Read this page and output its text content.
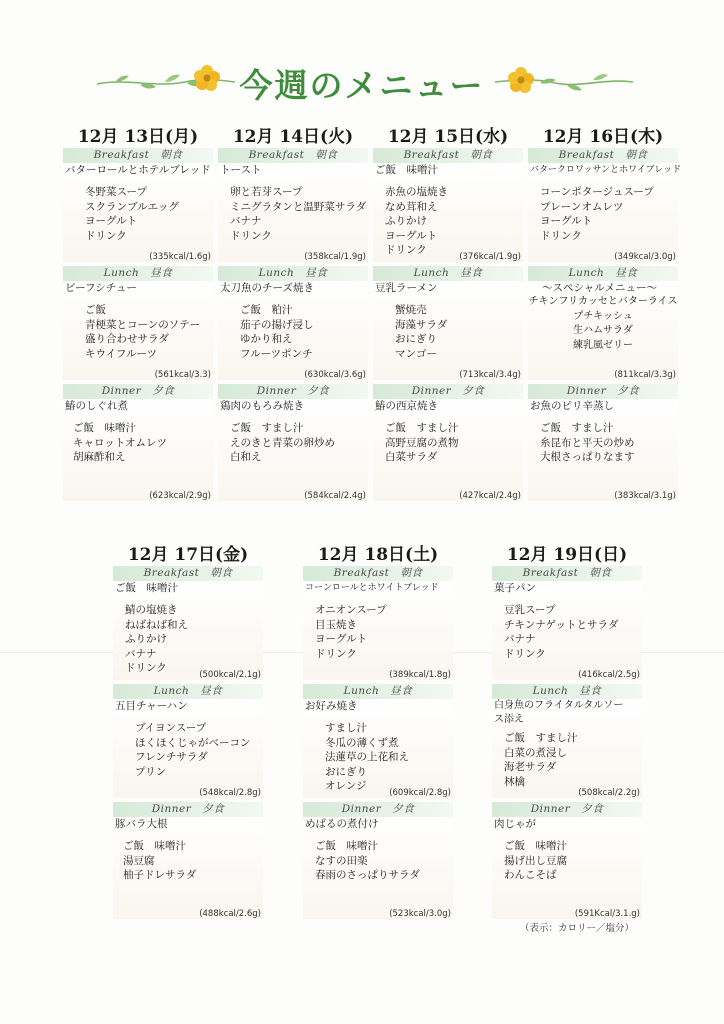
今週のメニュー
12月 13日(月)
Breakfast　朝食
バターロールとホテルブレッド
冬野菜スープ
スクランブルエッグ
ヨーグルト
ドリンク
(335kcal/1.6g)
Lunch　昼食
ビーフシチュー
ご飯
青梗菜とコーンのソテー
盛り合わせサラダ
キウイフルーツ
(561kcal/3.3)
Dinner　夕食
鰆のしぐれ煮
ご飯　味噌汁
キャロットオムレツ
胡麻酢和え
(623kcal/2.9g)
12月 14日(火)
Breakfast　朝食
トースト
卵と若芽スープ
ミニグラタンと温野菜サラダ
バナナ
ドリンク
(358kcal/1.9g)
Lunch　昼食
太刀魚のチーズ焼き
ご飯　粕汁
茄子の揚げ浸し
ゆかり和え
フルーツポンチ
(630kcal/3.6g)
Dinner　夕食
鶏肉のもろみ焼き
ご飯　すまし汁
えのきと青菜の卵炒め
白和え
(584kcal/2.4g)
12月 15日(水)
Breakfast　朝食
ご飯　味噌汁
赤魚の塩焼き
なめ茸和え
ふりかけ
ヨーグルト
ドリンク
(376kcal/1.9g)
Lunch　昼食
豆乳ラーメン
蟹焼売
海藻サラダ
おにぎり
マンゴー
(713kcal/3.4g)
Dinner　夕食
鰆の西京焼き
ご飯　すまし汁
高野豆腐の煮物
白菜サラダ
(427kcal/2.4g)
12月 16日(木)
Breakfast　朝食
バタークロワッサンとホワイブレッド
コーンポタージュスープ
プレーンオムレツ
ヨーグルト
ドリンク
(349kcal/3.0g)
Lunch　昼食
～スペシャルメニュー～
チキンフリカッセとバターライス
プチキッシュ
生ハムサラダ
練乳風ゼリー
(811kcal/3.3g)
Dinner　夕食
お魚のピリ辛蒸し
ご飯　すまし汁
糸昆布と平天の炒め
大根さっぱりなます
(383kcal/3.1g)
12月 17日(金)
Breakfast　朝食
ご飯　味噌汁
鯖の塩焼き
ねばねば和え
ふりかけ
バナナ
ドリンク
(500kcal/2.1g)
Lunch　昼食
五目チャーハン
ブイヨンスープ
ほくほくじゃがベーコン
フレンチサラダ
プリン
(548kcal/2.8g)
Dinner　夕食
豚バラ大根
ご飯　味噌汁
湯豆腐
柚子ドレサラダ
(488kcal/2.6g)
12月 18日(土)
Breakfast　朝食
コーンロールとホワイトブレッド
オニオンスープ
目玉焼き
ヨーグルト
ドリンク
(389kcal/1.8g)
Lunch　昼食
お好み焼き
すまし汁
冬瓜の薄くず煮
法蓮草の上花和え
おにぎり
オレンジ
(609kcal/2.8g)
Dinner　夕食
めばるの煮付け
ご飯　味噌汁
なすの田楽
春雨のさっぱりサラダ
(523kcal/3.0g)
12月 19日(日)
Breakfast　朝食
菓子パン
豆乳スープ
チキンナゲットとサラダ
バナナ
ドリンク
(416kcal/2.5g)
Lunch　昼食
白身魚のフライタルタルソース添え
ご飯　すまし汁
白菜の煮浸し
海老サラダ
林檎
(508kcal/2.2g)
Dinner　夕食
肉じゃが
ご飯　味噌汁
揚げ出し豆腐
わんこそば
(591Kcal/3.1.g)
（表示：カロリー／塩分）
